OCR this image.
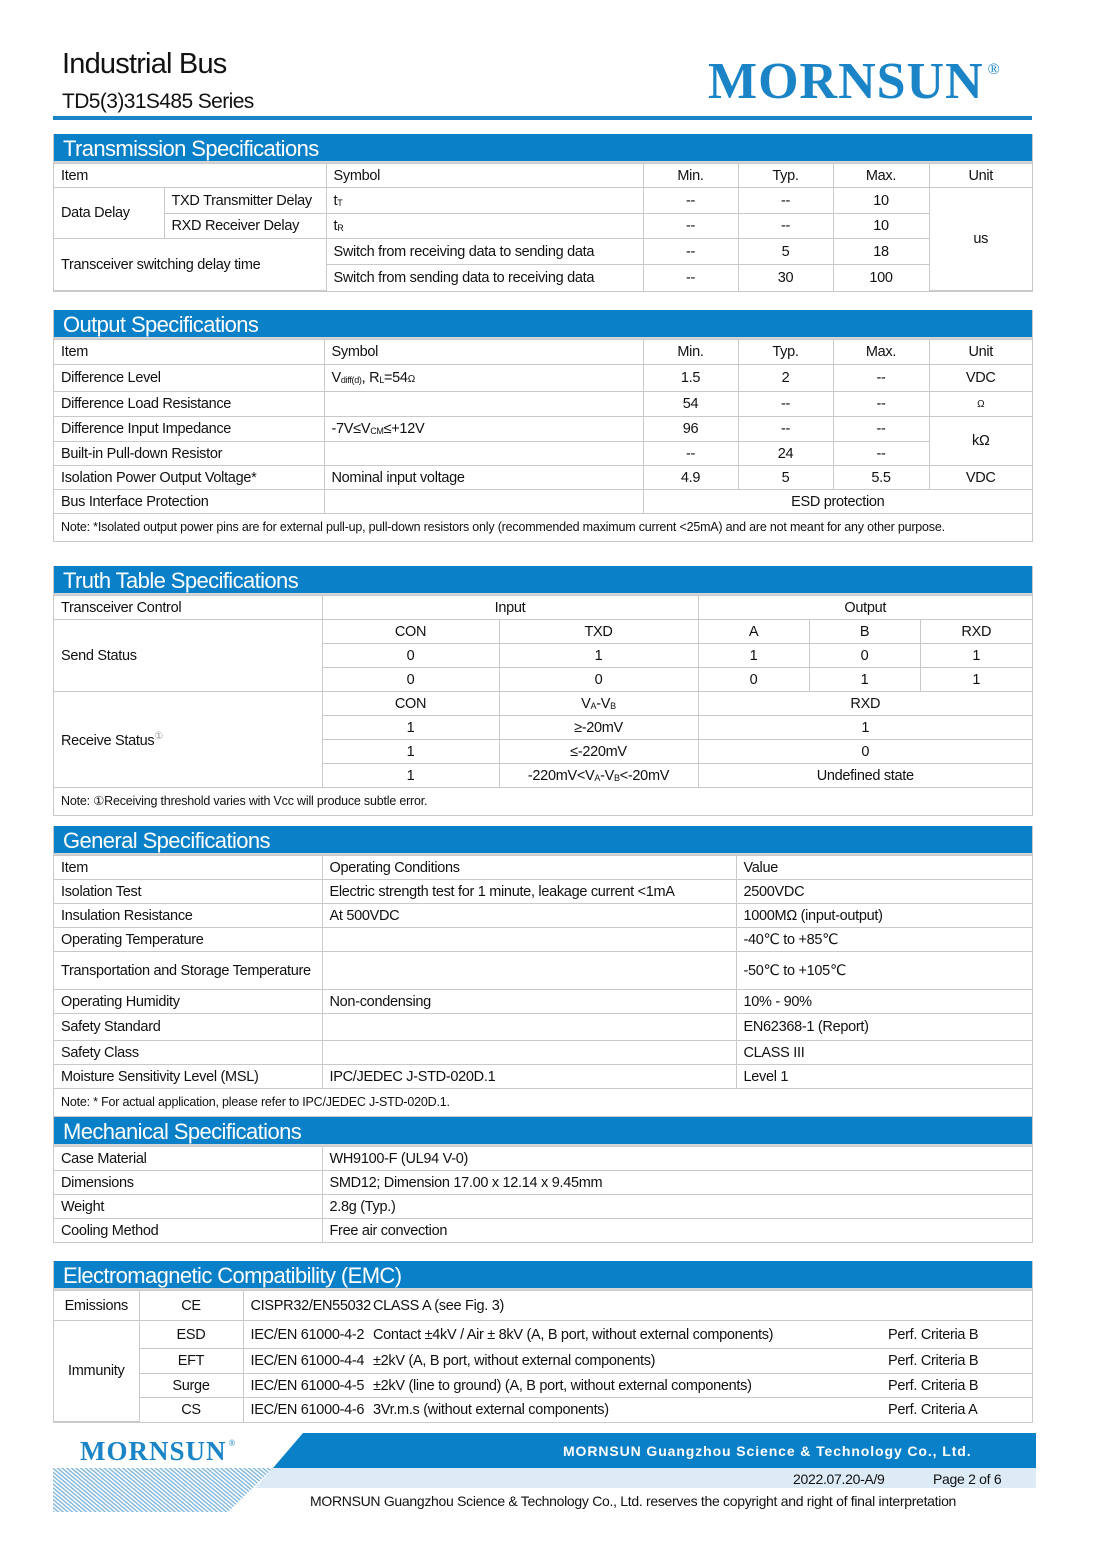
Industrial Bus
TD5(3)31S485 Series	MORNSUN ®
Transmission Specifications
Item		Symbol	Min.	Typ.	Max.	Unit
Data Delay	TXD Transmitter Delay	$t_T$	--	--	10	us
	RXD Receiver Delay	$t_R$	--	--	10	
Transceiver switching delay time		Switch from receiving data to sending data	--	5	18	
		Switch from sending data to receiving data	--	30	100	
Output Specifications
Item	Symbol	Min.	Typ.	Max.	Unit
Difference Level	$V_{diff(d)}$, $R_L=54\Omega$	1.5	2	--	VDC
Difference Load Resistance		54	--	--	Ω
Difference Input Impedance	$-7V\le V_{CM}\le+12V$	96	--	--	kΩ
Built-in Pull-down Resistor		--	24	--	
Isolation Power Output Voltage*	Nominal input voltage	4.9	5	5.5	VDC
Bus Interface Protection		ESD protection			
Note: *Isolated output power pins are for external pull-up, pull-down resistors only (recommended maximum current <25mA) and are not meant for any other purpose.					
Truth Table Specifications
Transceiver Control	Input		Output		
Send Status	CON	TXD	A	B	RXD
	0	1	1	0	1
	0	0	0	1	1
Receive Status①	CON	$V_A-V_B$	RXD		
	1	≥-20mV	1		
	1	≤-220mV	0		
	1	$-220mV<V_A-V_B<-20mV$	Undefined state		
Note: ①Receiving threshold varies with Vcc will produce subtle error.					
General Specifications
Item	Operating Conditions	Value
Isolation Test	Electric strength test for 1 minute, leakage current <1mA	2500VDC
Insulation Resistance	At 500VDC	1000MΩ (input-output)
Operating Temperature		-40℃ to +85℃
Transportation and Storage Temperature		-50℃ to +105℃
Operating Humidity	Non-condensing	10% - 90%
Safety Standard		EN62368-1 (Report)
Safety Class		CLASS III
Moisture Sensitivity Level (MSL)	IPC/JEDEC J-STD-020D.1	Level 1
Note: * For actual application, please refer to IPC/JEDEC J-STD-020D.1.		
Mechanical Specifications
Case Material	WH9100-F (UL94 V-0)
Dimensions	SMD12; Dimension 17.00 x 12.14 x 9.45mm
Weight	2.8g (Typ.)
Cooling Method	Free air convection
Electromagnetic Compatibility (EMC)
Emissions	CE	CISPR32/EN55032	CLASS A (see Fig. 3)	
Immunity	ESD	IEC/EN 61000-4-2	Contact ±4kV / Air ± 8kV (A, B port, without external components)	Perf. Criteria B
	EFT	IEC/EN 61000-4-4	±2kV (A, B port, without external components)	Perf. Criteria B
	Surge	IEC/EN 61000-4-5	±2kV (line to ground) (A, B port, without external components)	Perf. Criteria B
	CS	IEC/EN 61000-4-6	3Vr.m.s (without external components)	Perf. Criteria A
MORNSUN ®	MORNSUN Guangzhou Science & Technology Co., Ltd.
2022.07.20-A/9	Page 2 of 6
MORNSUN Guangzhou Science & Technology Co., Ltd. reserves the copyright and right of final interpretation
